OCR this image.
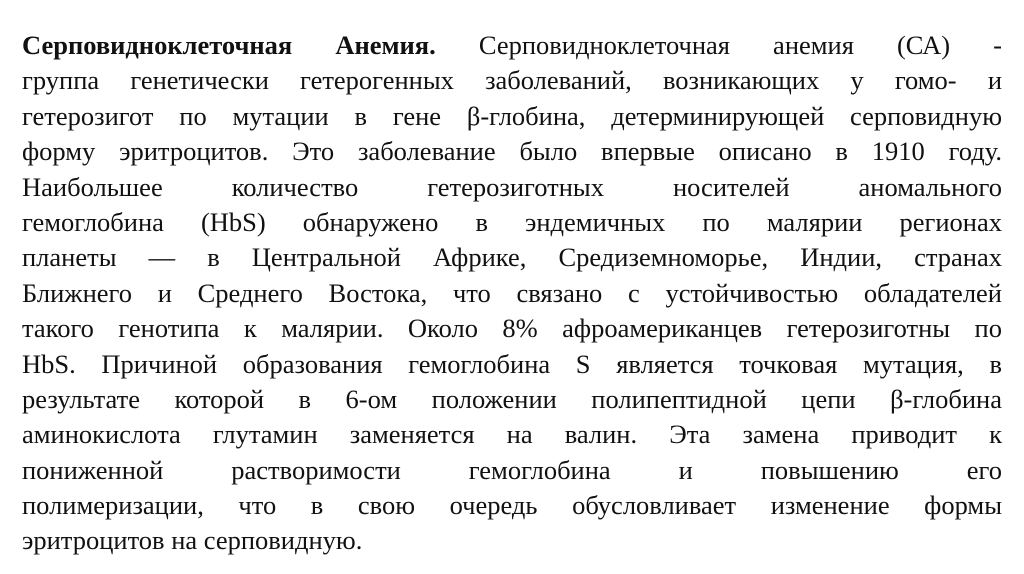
Серповидноклеточная Анемия. Серповидноклеточная анемия (СА) -
группа генетически гетерогенных заболеваний, возникающих у гомо- и
гетерозигот по мутации в гене β-глобина, детерминирующей серповидную
форму эритроцитов. Это заболевание было впервые описано в 1910 году.
Наибольшее количество гетерозиготных носителей аномального
гемоглобина (HbS) обнаружено в эндемичных по малярии регионах
планеты — в Центральной Африке, Средиземноморье, Индии, странах
Ближнего и Среднего Востока, что связано с устойчивостью обладателей
такого генотипа к малярии. Около 8% афроамериканцев гетерозиготны по
HbS. Причиной образования гемоглобина S является точковая мутация, в
результате которой в 6-ом положении полипептидной цепи β-глобина
аминокислота глутамин заменяется на валин. Эта замена приводит к
пониженной растворимости гемоглобина и повышению его
полимеризации, что в свою очередь обусловливает изменение формы
эритроцитов на серповидную.
